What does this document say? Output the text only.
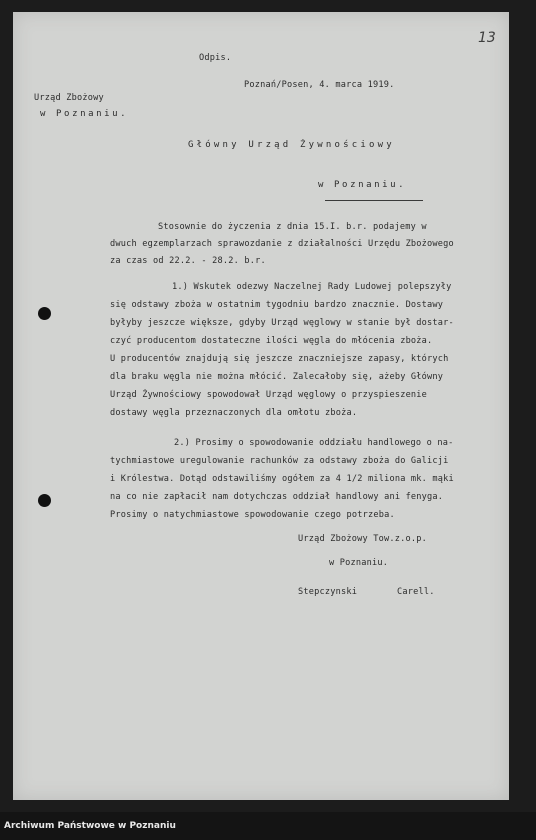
13
Odpis.
Poznań/Posen, 4. marca 1919.
Urząd Zbożowy
w Poznaniu.
Główny Urząd Żywnościowy
w Poznaniu.
Stosownie do życzenia z dnia 15.I. b.r. podajemy w
dwuch egzemplarzach sprawozdanie z działalności Urzędu Zbożowego
za czas od 22.2. - 28.2. b.r.
1.) Wskutek odezwy Naczelnej Rady Ludowej polepszyły
się odstawy zboża w ostatnim tygodniu bardzo znacznie. Dostawy
byłyby jeszcze większe, gdyby Urząd węglowy w stanie był dostar-
czyć producentom dostateczne ilości węgla do młócenia zboża.
U producentów znajdują się jeszcze znaczniejsze zapasy, których
dla braku węgla nie można młócić. Zalecałoby się, ażeby Główny
Urząd Żywnościowy spowodował Urząd węglowy o przyspieszenie
dostawy węgla przeznaczonych dla omłotu zboża.
2.) Prosimy o spowodowanie oddziału handlowego o na-
tychmiastowe uregulowanie rachunków za odstawy zboża do Galicji
i Królestwa. Dotąd odstawiliśmy ogółem za 4 1/2 miliona mk. mąki
na co nie zapłacił nam dotychczas oddział handlowy ani fenyga.
Prosimy o natychmiastowe spowodowanie czego potrzeba.
Urząd Zbożowy Tow.z.o.p.
w Poznaniu.
Stepczynski	Carell.
Archiwum Państwowe w Poznaniu
